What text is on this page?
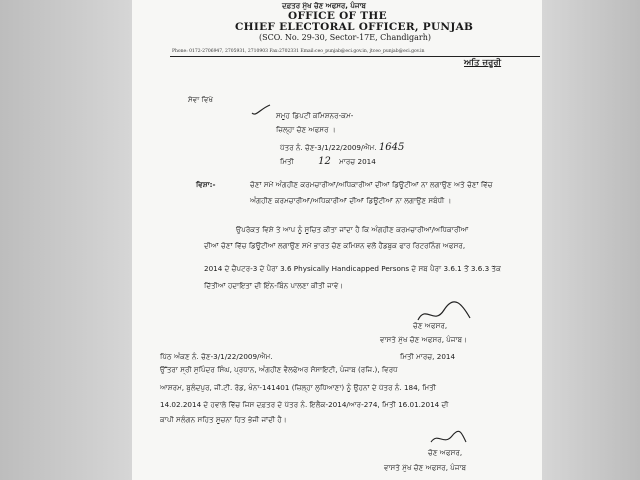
ਦਫ਼ਤਰ ਮੁੱਖ ਚੋਣ ਅਫਸਰ, ਪੰਜਾਬ
OFFICE OF THE
CHIEF ELECTORAL OFFICER, PUNJAB
(SCO. No. 29-30, Sector-17E, Chandigarh)
Phone: 0172-2706947, 2705931, 2710903 Fax:2702331 Email:ceo_punjab@eci.gov.in, jtceo_punjab@eci.gov.in
ਅਤਿ ਜ਼ਰੂਰੀ
ਸੇਵਾ ਵਿਖੇ
ਸਮੂਹ ਡਿਪਟੀ ਕਮਿਸ਼ਨਰ-ਕਮ-
ਜ਼ਿਲ੍ਹਾ ਚੋਣ ਅਫਸਰ ।
ਪੱਤਰ ਨੰ. ਚੋਣ-3/1/22/2009/ਐਮ. 1645
ਮਿਤੀ 12 ਮਾਰਚ 2014
ਵਿਸ਼ਾ:-	ਚੋਣਾਂ ਸਮੇਂ ਅੰਗਹੀਣ ਕਰਮਚਾਰੀਆਂ/ਅਧਿਕਾਰੀਆਂ ਦੀਆਂ ਡਿਊਟੀਆਂ ਨਾ ਲਗਾਉਣ ਅਤੇ ਚੋਣਾਂ ਵਿੱਚ
ਅੰਗਹੀਣ ਕਰਮਚਾਰੀਆਂ/ਅਧਿਕਾਰੀਆਂ ਦੀਆਂ ਡਿਊਟੀਆਂ ਨਾ ਲਗਾਉਣ ਸਬੰਧੀ ।
ਉਪਰੋਕਤ ਵਿਸ਼ੇ ਤੇ ਆਪ ਨੂੰ ਸੂਚਿਤ ਕੀਤਾ ਜਾਂਦਾ ਹੈ ਕਿ ਅੰਗਹੀਣ ਕਰਮਚਾਰੀਆਂ/ਅਧਿਕਾਰੀਆਂ
ਦੀਆਂ ਚੋਣਾਂ ਵਿੱਚ ਡਿਊਟੀਆਂ ਲਗਾਉਣ ਸਮੇਂ ਭਾਰਤ ਚੋਣ ਕਮਿਸ਼ਨ ਵਲੋਂ ਹੈਂਡਬੁਕ ਫਾਰ ਰਿਟਰਨਿੰਗ ਅਫਸਰ,
2014 ਦੇ ਚੈਪਟਰ-3 ਦੇ ਪੈਰਾ 3.6 Physically Handicapped Persons ਦੇ ਸਬ ਪੈਰਾ 3.6.1 ਤੋਂ 3.6.3 ਤੱਕ
ਦਿੱਤੀਆਂ ਹਦਾਇਤਾਂ ਦੀ ਇੰਨ-ਬਿੰਨ ਪਾਲਣਾ ਕੀਤੀ ਜਾਵੇ।
ਚੋਣ ਅਫਸਰ,
ਵਾਸਤੇ ਮੁੱਖ ਚੋਣ ਅਫਸਰ, ਪੰਜਾਬ।
ਪਿੱਠ ਅੰਕਣ ਨੰ. ਚੋਣ-3/1/22/2009/ਐਮ.	ਮਿਤੀ ਮਾਰਚ, 2014
ਉੱਤਰਾ ਸ੍ਰੀ ਸੁਪਿੰਦਰ ਸਿੰਘ, ਪ੍ਰਧਾਨ, ਅੰਗਹੀਣ ਵੈਲਫੇਅਰ ਸੋਸਾਇਟੀ, ਪੰਜਾਬ (ਰਜਿ.), ਵਿਰਧ
ਆਸ਼ਰਮ, ਬੁਲੰਦਪੁਰ, ਜੀ.ਟੀ. ਰੋਡ, ਖੰਨਾ-141401 (ਜ਼ਿਲ੍ਹਾ ਲੁਧਿਆਣਾ) ਨੂੰ ਉਹਨਾਂ ਦੇ ਪੱਤਰ ਨੰ. 184, ਮਿਤੀ
14.02.2014 ਦੇ ਹਵਾਲੇ ਵਿੱਚ ਜਿਸ ਦਫ਼ਤਰ ਦੇ ਪੱਤਰ ਨੰ. ਇਲੈਕ-2014/ਆਰ-274, ਮਿਤੀ 16.01.2014 ਦੀ
ਕਾਪੀ ਸਲੰਗਨ ਸਹਿਤ ਸੂਚਨਾ ਹਿਤ ਭੇਜੀ ਜਾਂਦੀ ਹੈ।
ਚੋਣ ਅਫਸਰ,
ਵਾਸਤੇ ਮੁੱਖ ਚੋਣ ਅਫਸਰ, ਪੰਜਾਬ
